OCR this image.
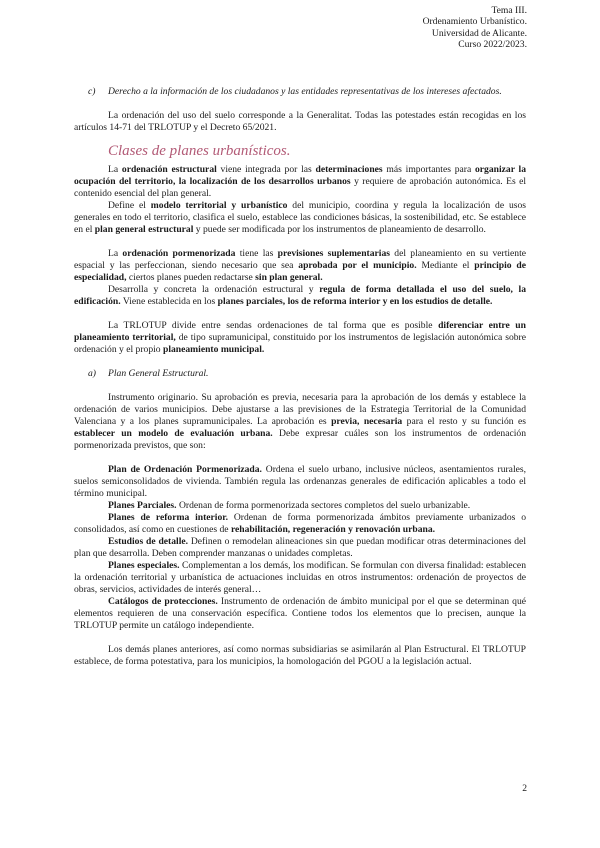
Tema III.
Ordenamiento Urbanístico.
Universidad de Alicante.
Curso 2022/2023.
c)	Derecho a la información de los ciudadanos y las entidades representativas de los intereses afectados.

La ordenación del uso del suelo corresponde a la Generalitat. Todas las potestades están recogidas en los artículos 14-71 del TRLOTUP y el Decreto 65/2021.

Clases de planes urbanísticos.

La ordenación estructural viene integrada por las determinaciones más importantes para organizar la ocupación del territorio, la localización de los desarrollos urbanos y requiere de aprobación autonómica. Es el contenido esencial del plan general.

Define el modelo territorial y urbanístico del municipio, coordina y regula la localización de usos generales en todo el territorio, clasifica el suelo, establece las condiciones básicas, la sostenibilidad, etc. Se establece en el plan general estructural y puede ser modificada por los instrumentos de planeamiento de desarrollo.

La ordenación pormenorizada tiene las previsiones suplementarias del planeamiento en su vertiente espacial y las perfeccionan, siendo necesario que sea aprobada por el municipio. Mediante el principio de especialidad, ciertos planes pueden redactarse sin plan general.

Desarrolla y concreta la ordenación estructural y regula de forma detallada el uso del suelo, la edificación. Viene establecida en los planes parciales, los de reforma interior y en los estudios de detalle.

La TRLOTUP divide entre sendas ordenaciones de tal forma que es posible diferenciar entre un planeamiento territorial, de tipo supramunicipal, constituido por los instrumentos de legislación autonómica sobre ordenación y el propio planeamiento municipal.

a)	Plan General Estructural.

Instrumento originario. Su aprobación es previa, necesaria para la aprobación de los demás y establece la ordenación de varios municipios. Debe ajustarse a las previsiones de la Estrategia Territorial de la Comunidad Valenciana y a los planes supramunicipales. La aprobación es previa, necesaria para el resto y su función es establecer un modelo de evaluación urbana. Debe expresar cuáles son los instrumentos de ordenación pormenorizada previstos, que son:

Plan de Ordenación Pormenorizada. Ordena el suelo urbano, inclusive núcleos, asentamientos rurales, suelos semiconsolidados de vivienda. También regula las ordenanzas generales de edificación aplicables a todo el término municipal.

Planes Parciales. Ordenan de forma pormenorizada sectores completos del suelo urbanizable.

Planes de reforma interior. Ordenan de forma pormenorizada ámbitos previamente urbanizados o consolidados, así como en cuestiones de rehabilitación, regeneración y renovación urbana.

Estudios de detalle. Definen o remodelan alineaciones sin que puedan modificar otras determinaciones del plan que desarrolla. Deben comprender manzanas o unidades completas.

Planes especiales. Complementan a los demás, los modifican. Se formulan con diversa finalidad: establecen la ordenación territorial y urbanística de actuaciones incluidas en otros instrumentos: ordenación de proyectos de obras, servicios, actividades de interés general…

Catálogos de protecciones. Instrumento de ordenación de ámbito municipal por el que se determinan qué elementos requieren de una conservación específica. Contiene todos los elementos que lo precisen, aunque la TRLOTUP permite un catálogo independiente.

Los demás planes anteriores, así como normas subsidiarias se asimilarán al Plan Estructural. El TRLOTUP establece, de forma potestativa, para los municipios, la homologación del PGOU a la legislación actual.

2
